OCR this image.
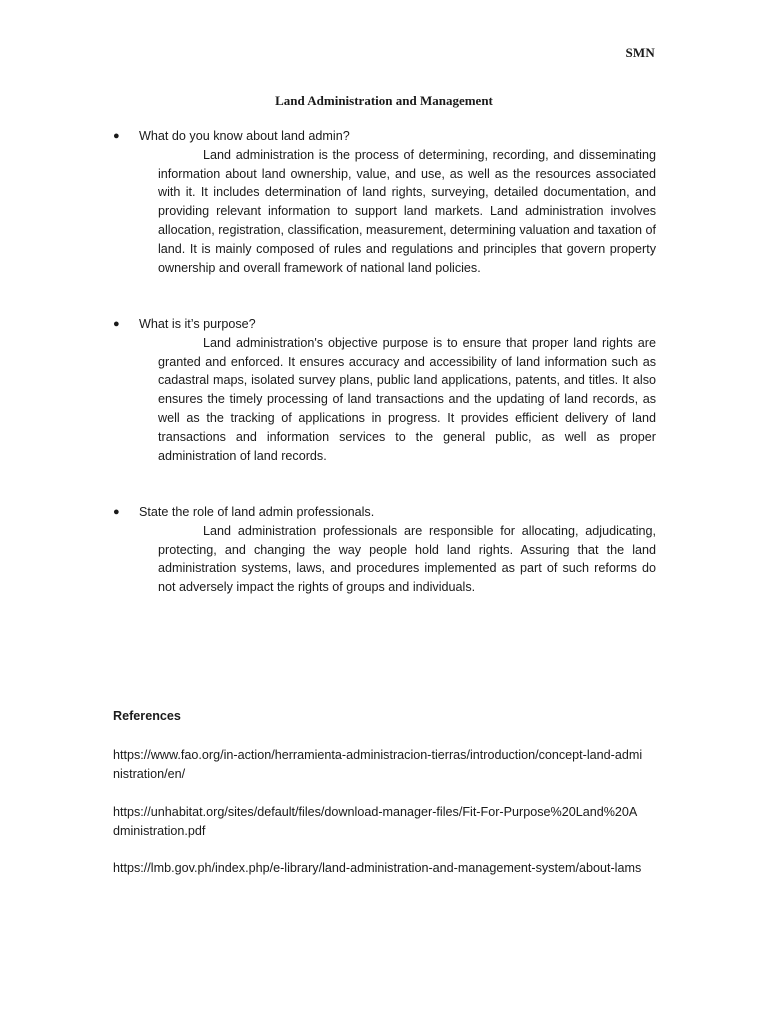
SMN
Land Administration and Management
●	What do you know about land admin?
Land administration is the process of determining, recording, and disseminating information about land ownership, value, and use, as well as the resources associated with it. It includes determination of land rights, surveying, detailed documentation, and providing relevant information to support land markets. Land administration involves allocation, registration, classification, measurement, determining valuation and taxation of land. It is mainly composed of rules and regulations and principles that govern property ownership and overall framework of national land policies.
●	What is it’s purpose?
Land administration's objective purpose is to ensure that proper land rights are granted and enforced. It ensures accuracy and accessibility of land information such as cadastral maps, isolated survey plans, public land applications, patents, and titles. It also ensures the timely processing of land transactions and the updating of land records, as well as the tracking of applications in progress. It provides efficient delivery of land transactions and information services to the general public, as well as proper administration of land records.
●	State the role of land admin professionals.
Land administration professionals are responsible for allocating, adjudicating, protecting, and changing the way people hold land rights. Assuring that the land administration systems, laws, and procedures implemented as part of such reforms do not adversely impact the rights of groups and individuals.
References
https://www.fao.org/in-action/herramienta-administracion-tierras/introduction/concept-land-administration/en/
https://unhabitat.org/sites/default/files/download-manager-files/Fit-For-Purpose%20Land%20Administration.pdf
https://lmb.gov.ph/index.php/e-library/land-administration-and-management-system/about-lams
